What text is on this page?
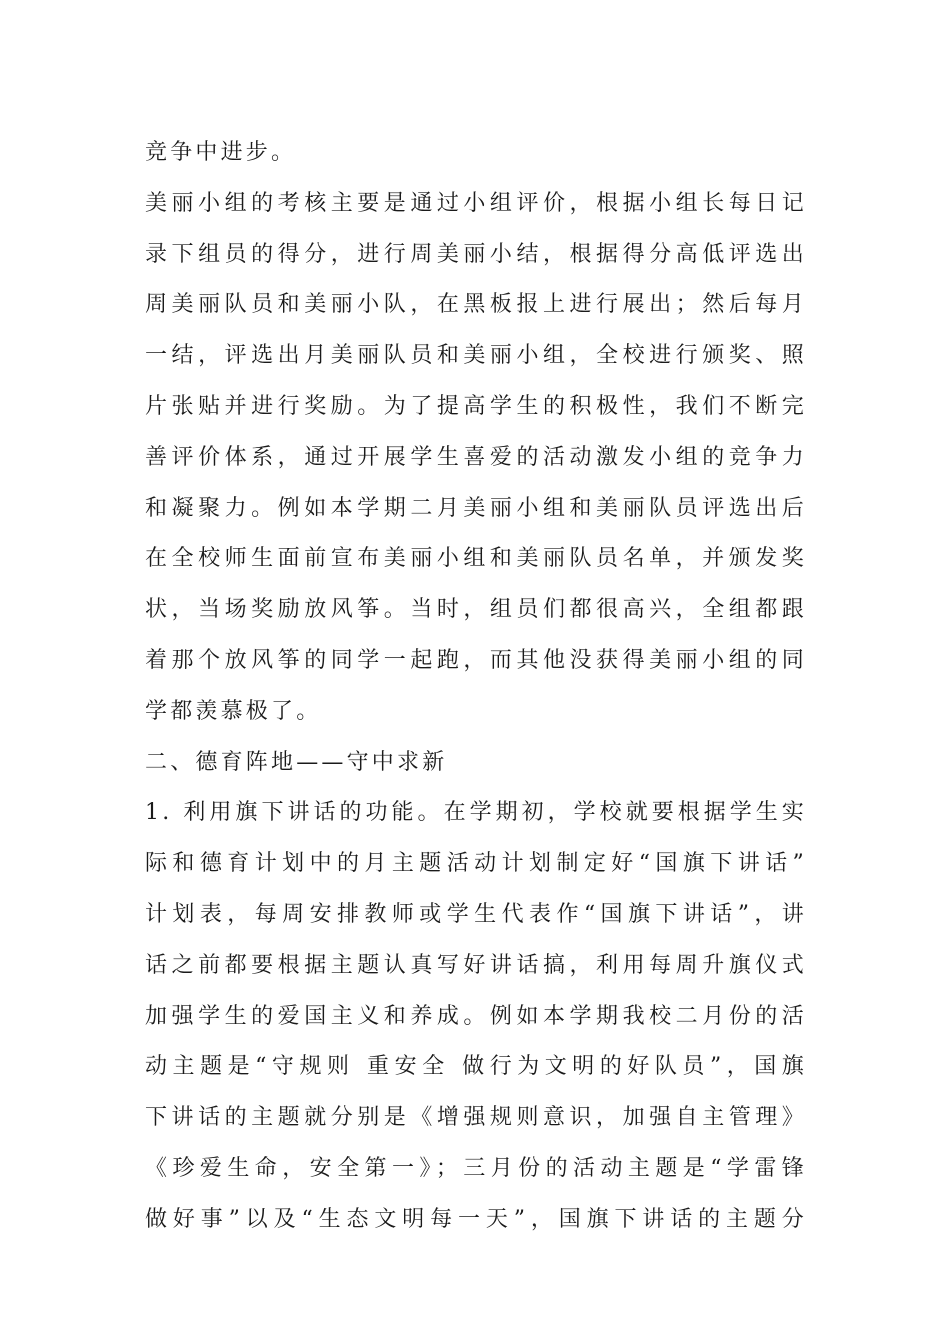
竞争中进步。
美丽小组的考核主要是通过小组评价，根据小组长每日记
录下组员的得分，进行周美丽小结，根据得分高低评选出
周美丽队员和美丽小队，在黑板报上进行展出；然后每月
一结，评选出月美丽队员和美丽小组，全校进行颁奖、照
片张贴并进行奖励。为了提高学生的积极性，我们不断完
善评价体系，通过开展学生喜爱的活动激发小组的竞争力
和凝聚力。例如本学期二月美丽小组和美丽队员评选出后
在全校师生面前宣布美丽小组和美丽队员名单，并颁发奖
状，当场奖励放风筝。当时，组员们都很高兴，全组都跟
着那个放风筝的同学一起跑，而其他没获得美丽小组的同
学都羡慕极了。
二、德育阵地——守中求新
1. 利用旗下讲话的功能。在学期初，学校就要根据学生实
际和德育计划中的月主题活动计划制定好“国旗下讲话”
计划表，每周安排教师或学生代表作“国旗下讲话”，讲
话之前都要根据主题认真写好讲话搞，利用每周升旗仪式
加强学生的爱国主义和养成。例如本学期我校二月份的活
动主题是“守规则 重安全 做行为文明的好队员”，国旗
下讲话的主题就分别是《增强规则意识，加强自主管理》
《珍爱生命，安全第一》；三月份的活动主题是“学雷锋
做好事”以及“生态文明每一天”，国旗下讲话的主题分
